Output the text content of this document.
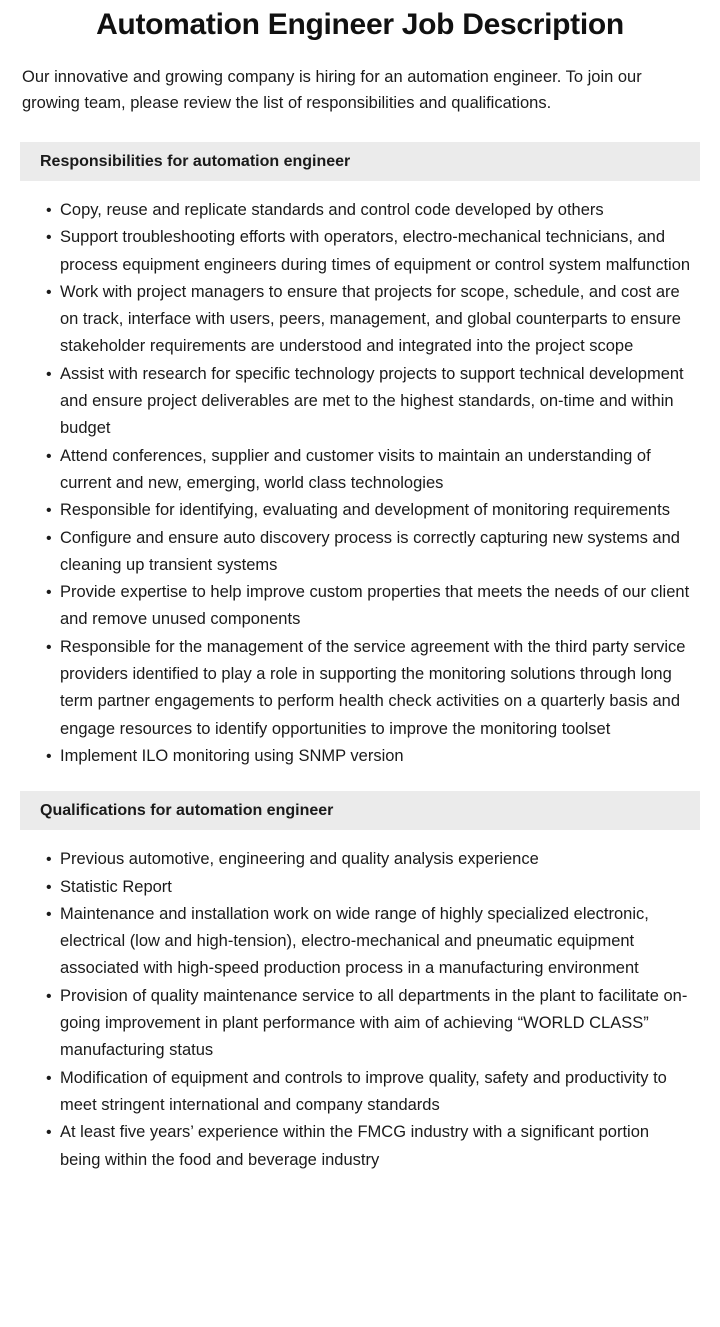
Automation Engineer Job Description

Our innovative and growing company is hiring for an automation engineer. To join our growing team, please review the list of responsibilities and qualifications.

Responsibilities for automation engineer
• Copy, reuse and replicate standards and control code developed by others
• Support troubleshooting efforts with operators, electro-mechanical technicians, and process equipment engineers during times of equipment or control system malfunction
• Work with project managers to ensure that projects for scope, schedule, and cost are on track, interface with users, peers, management, and global counterparts to ensure stakeholder requirements are understood and integrated into the project scope
• Assist with research for specific technology projects to support technical development and ensure project deliverables are met to the highest standards, on-time and within budget
• Attend conferences, supplier and customer visits to maintain an understanding of current and new, emerging, world class technologies
• Responsible for identifying, evaluating and development of monitoring requirements
• Configure and ensure auto discovery process is correctly capturing new systems and cleaning up transient systems
• Provide expertise to help improve custom properties that meets the needs of our client and remove unused components
• Responsible for the management of the service agreement with the third party service providers identified to play a role in supporting the monitoring solutions through long term partner engagements to perform health check activities on a quarterly basis and engage resources to identify opportunities to improve the monitoring toolset
• Implement ILO monitoring using SNMP version
Qualifications for automation engineer
• Previous automotive, engineering and quality analysis experience
• Statistic Report
• Maintenance and installation work on wide range of highly specialized electronic, electrical (low and high-tension), electro-mechanical and pneumatic equipment associated with high-speed production process in a manufacturing environment
• Provision of quality maintenance service to all departments in the plant to facilitate on-going improvement in plant performance with aim of achieving “WORLD CLASS” manufacturing status
• Modification of equipment and controls to improve quality, safety and productivity to meet stringent international and company standards
• At least five years’ experience within the FMCG industry with a significant portion being within the food and beverage industry
